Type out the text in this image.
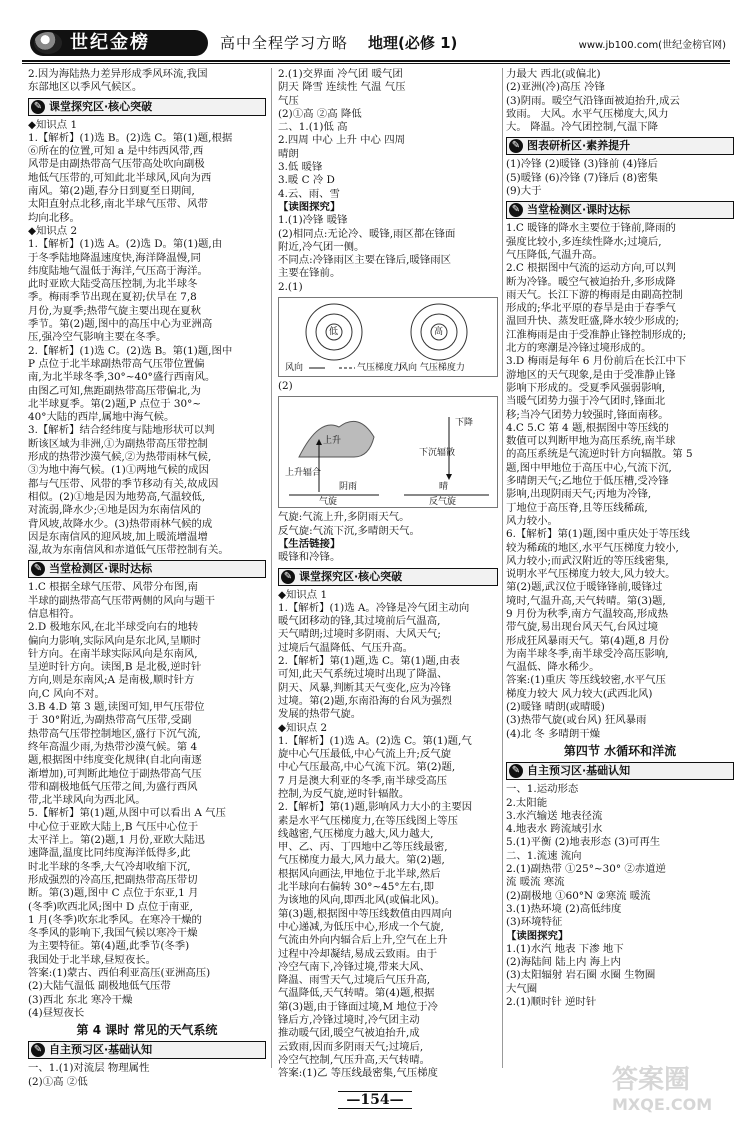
世纪金榜	高中全程学习方略 地理(必修 1)	www.jb100.com(世纪金榜官网)
2.因为海陆热力差异形成季风环流,我国
东部地区以季风气候区。
✎ 课堂探究区·核心突破
◆知识点 1
1.【解析】(1)选 B。(2)选 C。第(1)题,根据
⑥所在的位置,可知 a 是中纬西风带,西
风带是由副热带高气压带高处吹向副极
地低气压带的,可知此北半球风,风向为西
南风。第(2)题,春分日到夏至日期间,
太阳直射点北移,南北半球气压带、风带
均向北移。
◆知识点 2
1.【解析】(1)选 A。(2)选 D。第(1)题,由
于冬季陆地降温速度快,海洋降温慢,同
纬度陆地气温低于海洋,气压高于海洋。
此时亚欧大陆受高压控制,为北半球冬
季。梅雨季节出现在夏初;伏旱在 7,8
月份,为夏季;热带气旋主要出现在夏秋
季节。第(2)题,图中的高压中心为亚洲高
压,强冷空气影响主要在冬季。
2.【解析】(1)选 C。(2)选 B。第(1)题,图中
P 点位于北半球副热带高气压带位置偏
南,为北半球冬季,30°~40°盛行西南风。
由图乙可知,焦距副热带高压带偏北,为
北半球夏季。第(2)题,P 点位于 30°~
40°大陆的西岸,属地中海气候。
3.【解析】结合经纬度与陆地形状可以判
断该区域为非洲,①为副热带高压带控制
形成的热带沙漠气候,②为热带雨林气候,
③为地中海气候。(1)①两地气候的成因
都与气压带、风带的季节移动有关,故成因
相似。(2)①地是因为地势高,气温较低,
对流弱,降水少;④地是因为东南信风的
背风坡,故降水少。(3)热带雨林气候的成
因是东南信风的迎风坡,加上暖流增温增
湿,故为东南信风和赤道低气压带控制有关。
✎ 当堂检测区·课时达标
1.C 根据全球气压带、风带分布图,南
半球的副热带高气压带两侧的风向与题干
信息相符。
2.D 极地东风,在北半球受向右的地转
偏向力影响,实际风向是东北风,呈顺时
针方向。在南半球实际风向是东南风,
呈逆时针方向。读图,B 是北极,逆时针
方向,则是东南风;A 是南极,顺时针方
向,C 风向不对。
3.B 4.D 第 3 题,读图可知,甲气压带位
于 30°附近,为副热带高气压带,受副
热带高气压带控制地区,盛行下沉气流,
终年高温少雨,为热带沙漠气候。第 4
题,根据图中纬度变化规律(自北向南逐
渐增加),可判断此地位于副热带高气压
带和副极地低气压带之间,为盛行西风
带,北半球风向为西北风。
5.【解析】第(1)题,从图中可以看出 A 气压
中心位于亚欧大陆上,B 气压中心位于
太平洋上。第(2)题,1 月份,亚欧大陆迅
速降温,温度比同纬度海洋低得多,此
时北半球的冬季,大气冷却收缩下沉,
形成强烈的冷高压,把副热带高压带切
断。第(3)题,图中 C 点位于东亚,1 月
(冬季)吹西北风;图中 D 点位于南亚,
1 月(冬季)吹东北季风。在寒冷干燥的
冬季风的影响下,我国气候以寒冷干燥
为主要特征。第(4)题,此季节(冬季)
我国处于北半球,昼短夜长。
答案:(1)蒙古、西伯利亚高压(亚洲高压)
(2)大陆气温低 副极地低气压带
(3)西北 东北 寒冷干燥
(4)昼短夜长
第 4 课时 常见的天气系统
✎ 自主预习区·基础认知
一、1.(1)对流层 物理属性
(2)①高 ②低
2.(1)交界面 冷气团 暖气团
阴天 降雪 连续性 气温 气压
气压
(2)①高 ②高 降低
二、1.(1)低 高
2.四周 中心 上升 中心 四周
晴朗
3.低 暖锋
3.暖 C 冷 D
4.云、雨、雪
【读图探究】
1.(1)冷锋 暖锋
(2)相同点:无论冷、暖锋,雨区都在锋面
附近,冷气团一侧。
不同点:冷锋雨区主要在锋后,暖锋雨区
主要在锋前。
2.(1)
低	高
风向	气压梯度力
风向 气压梯度力
(2)
上升
下降
上升辐合
下沉辐散
阴雨	晴
气旋	反气旋
气旋:气流上升,多阴雨天气。
反气旋:气流下沉,多晴朗天气。
【生活链接】
暖锋和冷锋。
✎ 课堂探究区·核心突破
◆知识点 1
1.【解析】(1)选 A。冷锋是冷气团主动向
暖气团移动的锋,其过境前后气温高,
天气晴朗;过境时多阴雨、大风天气;
过境后气温降低、气压升高。
2.【解析】第(1)题,选 C。第(1)题,由表
可知,此天气系统过境时出现了降温、
阴天、风暴,判断其天气变化,应为冷锋
过境。第(2)题,东南沿海的台风为强烈
发展的热带气旋。
◆知识点 2
1.【解析】(1)选 A。(2)选 C。第(1)题,气
旋中心气压最低,中心气流上升;反气旋
中心气压最高,中心气流下沉。第(2)题,
7 月是澳大利亚的冬季,南半球受高压
控制,为反气旋,逆时针辐散。
2.【解析】第(1)题,影响风力大小的主要因
素是水平气压梯度力,在等压线图上等压
线越密,气压梯度力越大,风力越大,
甲、乙、丙、丁四地中乙等压线最密,
气压梯度力最大,风力最大。第(2)题,
根据风向画法,甲地位于北半球,然后
北半球向右偏转 30°~45°左右,即
为该地的风向,即西北风(或偏北风)。
第(3)题,根据图中等压线数值由四周向
中心递减,为低压中心,形成一个气旋,
气流由外向内辐合后上升,空气在上升
过程中冷却凝结,易成云致雨。由于
冷空气南下,冷锋过境,带来大风、
降温、雨雪天气,过境后气压升高,
气温降低,天气转晴。第(4)题,根据
第(3)题,由于锋面过境,M 地位于冷
锋后方,冷锋过境时,冷气团主动
推动暖气团,暖空气被迫抬升,成
云致雨,因而多阴雨天气;过境后,
冷空气控制,气压升高,天气转晴。
答案:(1)乙 等压线最密集,气压梯度
力最大 西北(或偏北)
(2)亚洲(冷)高压 冷锋
(3)阴雨。暖空气沿锋面被迫抬升,成云
致雨。 大风。水平气压梯度大,风力
大。 降温。冷气团控制,气温下降
✎ 图表研析区·素养提升
(1)冷锋 (2)暖锋 (3)锋前 (4)锋后
(5)暖锋 (6)冷锋 (7)锋后 (8)密集
(9)大于
✎ 当堂检测区·课时达标
1.C 暖锋的降水主要位于锋前,降雨的
强度比较小,多连续性降水;过境后,
气压降低,气温升高。
2.C 根据图中气流的运动方向,可以判
断为冷锋。暖空气被迫抬升,多形成降
雨天气。长江下游的梅雨是由副高控制
形成的;华北平原的春旱是由于春季气
温回升快、蒸发旺盛,降水较少形成的;
江淮梅雨是由于受准静止锋控制形成的;
北方的寒潮是冷锋过境形成的。
3.D 梅雨是每年 6 月份前后在长江中下
游地区的天气现象,是由于受准静止锋
影响下形成的。受夏季风强弱影响,
当暖气团势力强于冷气团时,锋面北
移;当冷气团势力较强时,锋面南移。
4.C 5.C 第 4 题,根据图中等压线的
数值可以判断甲地为高压系统,南半球
的高压系统是气流逆时针方向辐散。第 5
题,图中甲地位于高压中心,气流下沉,
多晴朗天气;乙地位于低压槽,受冷锋
影响,出现阴雨天气;丙地为冷锋,
丁地位于高压脊,且等压线稀疏,
风力较小。
6.【解析】第(1)题,图中重庆处于等压线
较为稀疏的地区,水平气压梯度力较小,
风力较小;而武汉附近的等压线密集,
说明水平气压梯度力较大,风力较大。
第(2)题,武汉位于暖锋锋前,暖锋过
境时,气温升高,天气转晴。第(3)题,
9 月份为秋季,南方气温较高,形成热
带气旋,易出现台风天气,台风过境
形成狂风暴雨天气。第(4)题,8 月份
为南半球冬季,南半球受冷高压影响,
气温低、降水稀少。
答案:(1)重庆 等压线较密,水平气压
梯度力较大 风力较大(武西北风)
(2)暖锋 晴朗(或晴暖)
(3)热带气旋(或台风) 狂风暴雨
(4)北 冬 多晴朗干燥
第四节 水循环和洋流
✎ 自主预习区·基础认知
一、1.运动形态
2.太阳能
3.水汽输送 地表径流
4.地表水 跨流域引水
5.(1)平衡 (2)地表形态 (3)可再生
二、1.流速 流向
2.(1)副热带 ①25°~30° ②赤道逆
流 暖流 寒流
(2)副极地 ①60°N ②寒流 暖流
3.(1)热环境 (2)高低纬度
(3)环境特征
【读图探究】
1.(1)水汽 地表 下渗 地下
(2)海陆间 陆上内 海上内
(3)太阳辐射 岩石圈 水圈 生物圈
大气圈
2.(1)顺时针 逆时针
—154—
答案圈
MXQE.COM
